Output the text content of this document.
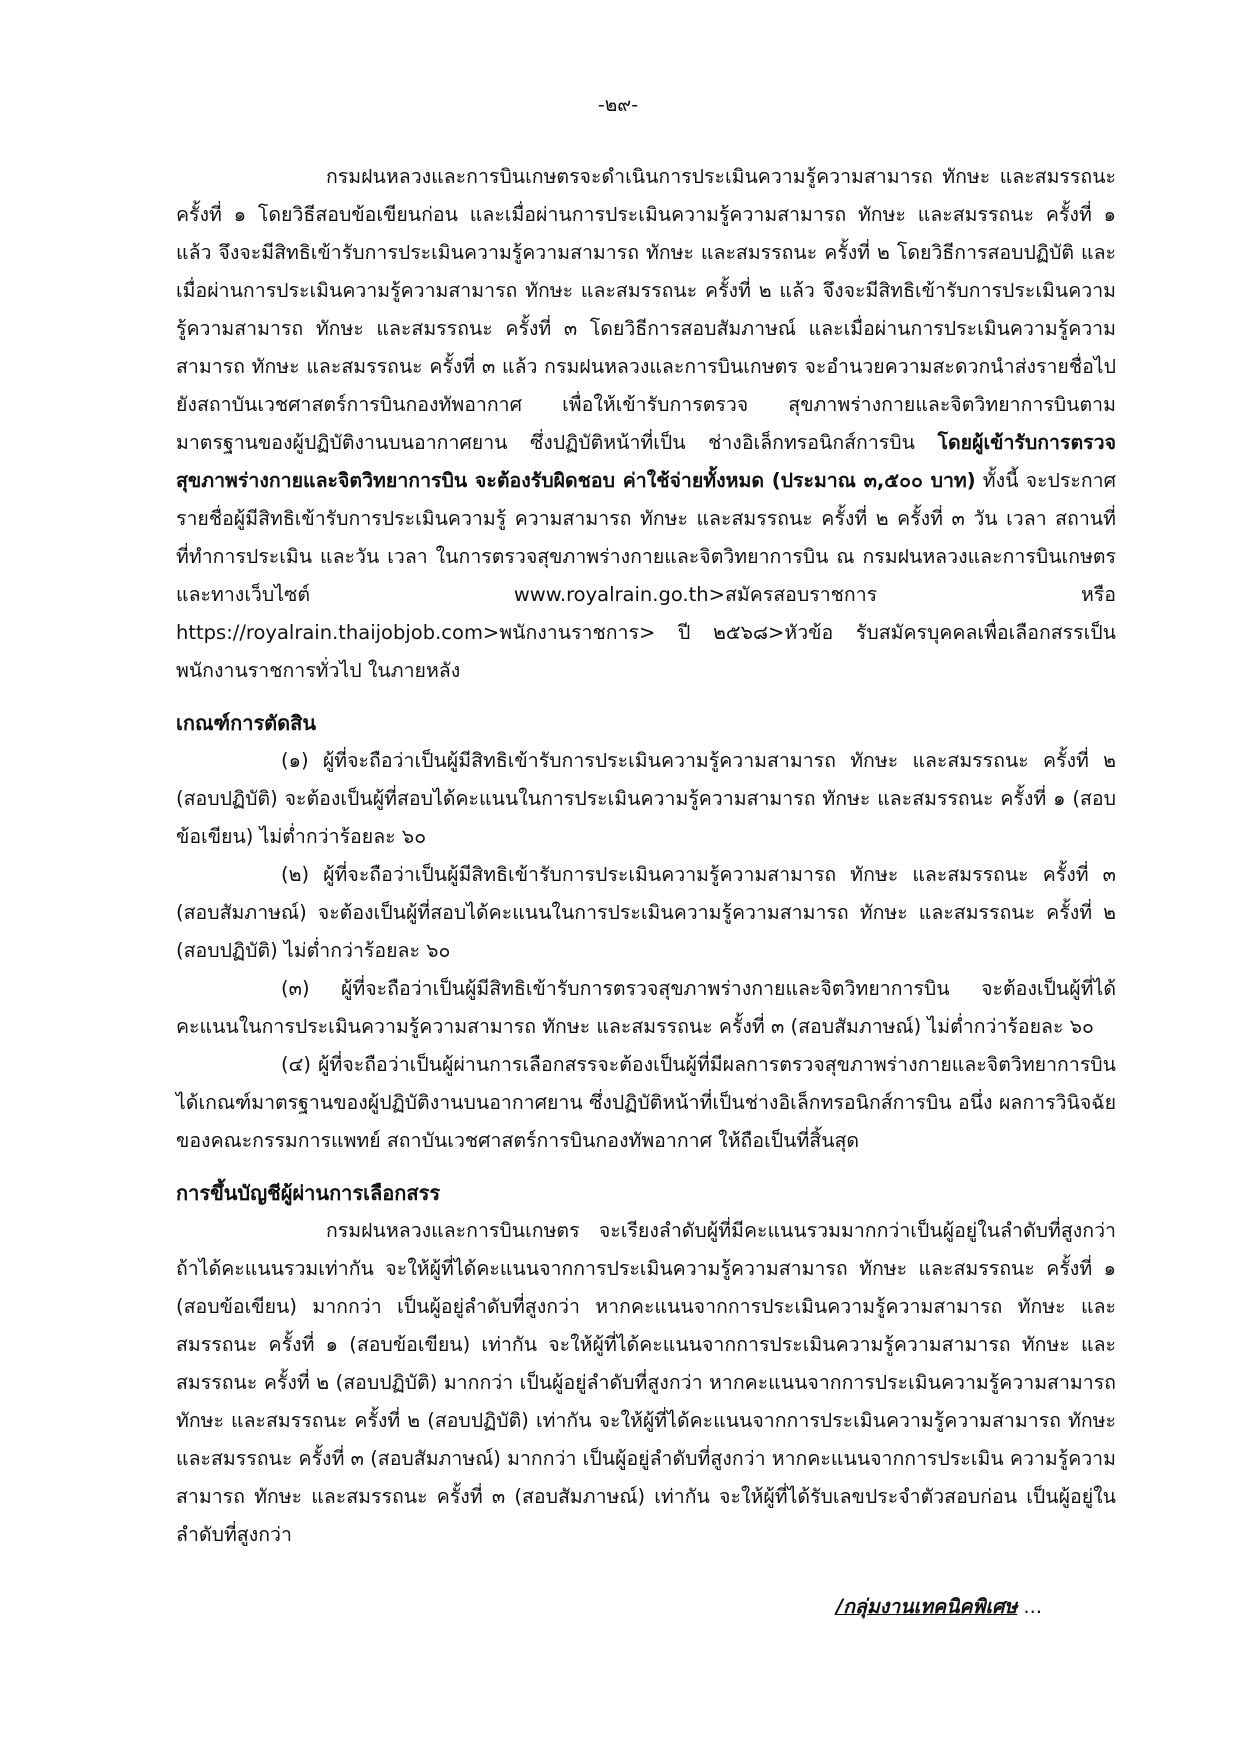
-๒๙-

กรมฝนหลวงและการบินเกษตรจะดำเนินการประเมินความรู้ความสามารถ ทักษะ และสมรรถนะ ครั้งที่ ๑ โดยวิธีสอบข้อเขียนก่อน และเมื่อผ่านการประเมินความรู้ความสามารถ ทักษะ และสมรรถนะ ครั้งที่ ๑ แล้ว จึงจะมีสิทธิเข้ารับการประเมินความรู้ความสามารถ ทักษะ และสมรรถนะ ครั้งที่ ๒ โดยวิธีการสอบปฏิบัติ และเมื่อผ่านการประเมินความรู้ความสามารถ ทักษะ และสมรรถนะ ครั้งที่ ๒ แล้ว จึงจะมีสิทธิเข้ารับการประเมินความรู้ความสามารถ ทักษะ และสมรรถนะ ครั้งที่ ๓ โดยวิธีการสอบสัมภาษณ์ และเมื่อผ่านการประเมินความรู้ความสามารถ ทักษะ และสมรรถนะ ครั้งที่ ๓ แล้ว กรมฝนหลวงและการบินเกษตร จะอำนวยความสะดวกนำส่งรายชื่อไปยังสถาบันเวชศาสตร์การบินกองทัพอากาศ เพื่อให้เข้ารับการตรวจ สุขภาพร่างกายและจิตวิทยาการบินตามมาตรฐานของผู้ปฏิบัติงานบนอากาศยาน ซึ่งปฏิบัติหน้าที่เป็น ช่างอิเล็กทรอนิกส์การบิน โดยผู้เข้ารับการตรวจสุขภาพร่างกายและจิตวิทยาการบิน จะต้องรับผิดชอบ ค่าใช้จ่ายทั้งหมด (ประมาณ ๓,๕๐๐ บาท) ทั้งนี้ จะประกาศรายชื่อผู้มีสิทธิเข้ารับการประเมินความรู้ ความสามารถ ทักษะ และสมรรถนะ ครั้งที่ ๒ ครั้งที่ ๓ วัน เวลา สถานที่ที่ทำการประเมิน และวัน เวลา ในการตรวจสุขภาพร่างกายและจิตวิทยาการบิน ณ กรมฝนหลวงและการบินเกษตร และทางเว็บไซต์ www.royalrain.go.th>สมัครสอบราชการ หรือ https://royalrain.thaijobjob.com>พนักงานราชการ> ปี ๒๕๖๘>หัวข้อ รับสมัครบุคคลเพื่อเลือกสรรเป็นพนักงานราชการทั่วไป ในภายหลัง

เกณฑ์การตัดสิน

(๑) ผู้ที่จะถือว่าเป็นผู้มีสิทธิเข้ารับการประเมินความรู้ความสามารถ ทักษะ และสมรรถนะ ครั้งที่ ๒ (สอบปฏิบัติ) จะต้องเป็นผู้ที่สอบได้คะแนนในการประเมินความรู้ความสามารถ ทักษะ และสมรรถนะ ครั้งที่ ๑ (สอบข้อเขียน) ไม่ต่ำกว่าร้อยละ ๖๐

(๒) ผู้ที่จะถือว่าเป็นผู้มีสิทธิเข้ารับการประเมินความรู้ความสามารถ ทักษะ และสมรรถนะ ครั้งที่ ๓ (สอบสัมภาษณ์) จะต้องเป็นผู้ที่สอบได้คะแนนในการประเมินความรู้ความสามารถ ทักษะ และสมรรถนะ ครั้งที่ ๒ (สอบปฏิบัติ) ไม่ต่ำกว่าร้อยละ ๖๐

(๓) ผู้ที่จะถือว่าเป็นผู้มีสิทธิเข้ารับการตรวจสุขภาพร่างกายและจิตวิทยาการบิน จะต้องเป็นผู้ที่ได้ คะแนนในการประเมินความรู้ความสามารถ ทักษะ และสมรรถนะ ครั้งที่ ๓ (สอบสัมภาษณ์) ไม่ต่ำกว่าร้อยละ ๖๐

(๔) ผู้ที่จะถือว่าเป็นผู้ผ่านการเลือกสรรจะต้องเป็นผู้ที่มีผลการตรวจสุขภาพร่างกายและจิตวิทยาการบิน ได้เกณฑ์มาตรฐานของผู้ปฏิบัติงานบนอากาศยาน ซึ่งปฏิบัติหน้าที่เป็นช่างอิเล็กทรอนิกส์การบิน อนึ่ง ผลการวินิจฉัย ของคณะกรรมการแพทย์ สถาบันเวชศาสตร์การบินกองทัพอากาศ ให้ถือเป็นที่สิ้นสุด

การขึ้นบัญชีผู้ผ่านการเลือกสรร

กรมฝนหลวงและการบินเกษตร จะเรียงลำดับผู้ที่มีคะแนนรวมมากกว่าเป็นผู้อยู่ในลำดับที่สูงกว่า ถ้าได้คะแนนรวมเท่ากัน จะให้ผู้ที่ได้คะแนนจากการประเมินความรู้ความสามารถ ทักษะ และสมรรถนะ ครั้งที่ ๑ (สอบข้อเขียน) มากกว่า เป็นผู้อยู่ลำดับที่สูงกว่า หากคะแนนจากการประเมินความรู้ความสามารถ ทักษะ และ สมรรถนะ ครั้งที่ ๑ (สอบข้อเขียน) เท่ากัน จะให้ผู้ที่ได้คะแนนจากการประเมินความรู้ความสามารถ ทักษะ และ สมรรถนะ ครั้งที่ ๒ (สอบปฏิบัติ) มากกว่า เป็นผู้อยู่ลำดับที่สูงกว่า หากคะแนนจากการประเมินความรู้ความสามารถ ทักษะ และสมรรถนะ ครั้งที่ ๒ (สอบปฏิบัติ) เท่ากัน จะให้ผู้ที่ได้คะแนนจากการประเมินความรู้ความสามารถ ทักษะ และสมรรถนะ ครั้งที่ ๓ (สอบสัมภาษณ์) มากกว่า เป็นผู้อยู่ลำดับที่สูงกว่า หากคะแนนจากการประเมิน ความรู้ความสามารถ ทักษะ และสมรรถนะ ครั้งที่ ๓ (สอบสัมภาษณ์) เท่ากัน จะให้ผู้ที่ได้รับเลขประจำตัวสอบก่อน เป็นผู้อยู่ในลำดับที่สูงกว่า

/กลุ่มงานเทคนิคพิเศษ ...
